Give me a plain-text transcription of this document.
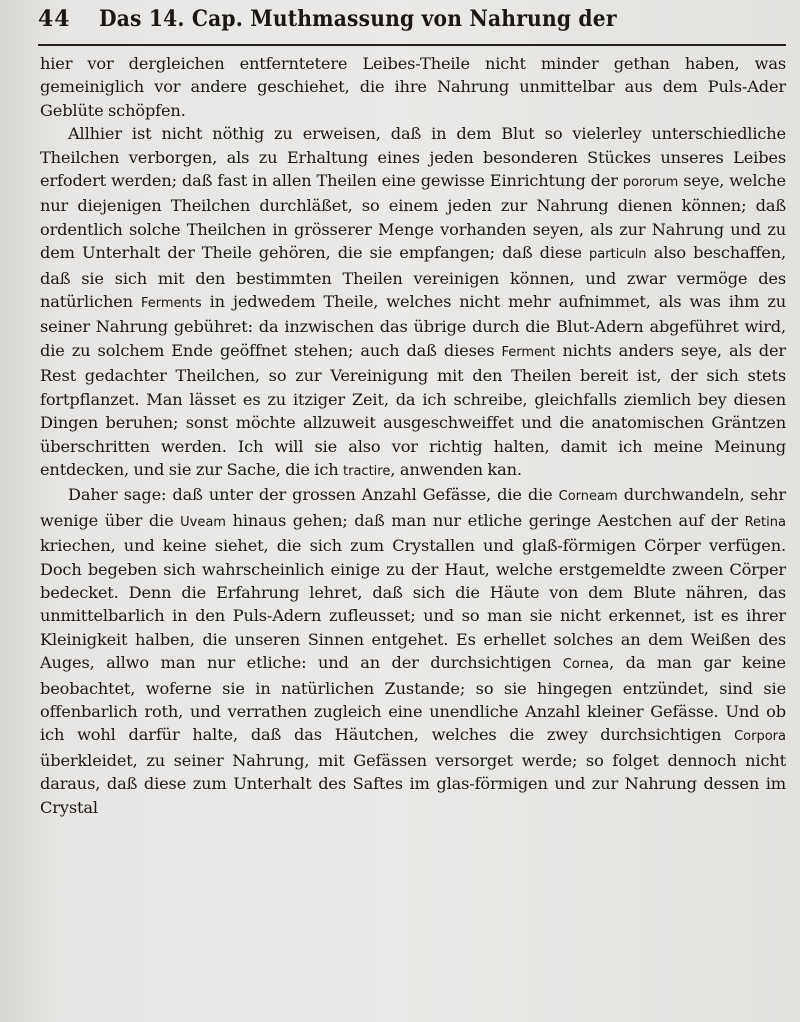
44 Das 14. Cap. Muthmassung von Nahrung der

hier vor dergleichen entferntetere Leibes-Theile nicht minder gethan haben, was gemeiniglich vor andere geschiehet, die ihre Nahrung unmittelbar aus dem Puls-Ader Geblüte schöpfen.

Allhier ist nicht nöthig zu erweisen, daß in dem Blut so vielerley unterschiedliche Theilchen verborgen, als zu Erhaltung eines jeden besonderen Stückes unseres Leibes erfodert werden; daß fast in allen Theilen eine gewisse Einrichtung der pororum seye, welche nur diejenigen Theilchen durchläßet, so einem jeden zur Nahrung dienen können; daß ordentlich solche Theilchen in grösserer Menge vorhanden seyen, als zur Nahrung und zu dem Unterhalt der Theile gehören, die sie empfangen; daß diese particuln also beschaffen, daß sie sich mit den bestimmten Theilen vereinigen können, und zwar vermöge des natürlichen Ferments in jedwedem Theile, welches nicht mehr aufnimmet, als was ihm zu seiner Nahrung gebühret: da inzwischen das übrige durch die Blut-Adern abgeführet wird, die zu solchem Ende geöffnet stehen; auch daß dieses Ferment nichts anders seye, als der Rest gedachter Theilchen, so zur Vereinigung mit den Theilen bereit ist, der sich stets fortpflanzet. Man lässet es zu itziger Zeit, da ich schreibe, gleichfalls ziemlich bey diesen Dingen beruhen; sonst möchte allzuweit ausgeschweiffet und die anatomischen Gräntzen überschritten werden. Ich will sie also vor richtig halten, damit ich meine Meinung entdecken, und sie zur Sache, die ich tractire, anwenden kan.

Daher sage: daß unter der grossen Anzahl Gefässe, die die Corneam durchwandeln, sehr wenige über die Uveam hinaus gehen; daß man nur etliche geringe Aestchen auf der Retina kriechen, und keine siehet, die sich zum Crystallen und glaß-förmigen Cörper verfügen. Doch begeben sich wahrscheinlich einige zu der Haut, welche erstgemeldte zween Cörper bedecket. Denn die Erfahrung lehret, daß sich die Häute von dem Blute nähren, das unmittelbarlich in den Puls-Adern zufleusset; und so man sie nicht erkennet, ist es ihrer Kleinigkeit halben, die unseren Sinnen entgehet. Es erhellet solches an dem Weißen des Auges, allwo man nur etliche: und an der durchsichtigen Cornea, da man gar keine beobachtet, woferne sie in natürlichen Zustande; so sie hingegen entzündet, sind sie offenbarlich roth, und verrathen zugleich eine unendliche Anzahl kleiner Gefässe. Und ob ich wohl darfür halte, daß das Häutchen, welches die zwey durchsichtigen Corpora überkleidet, zu seiner Nahrung, mit Gefässen versorget werde; so folget dennoch nicht daraus, daß diese zum Unterhalt des Saftes im glas-förmigen und zur Nahrung dessen im Crystal
